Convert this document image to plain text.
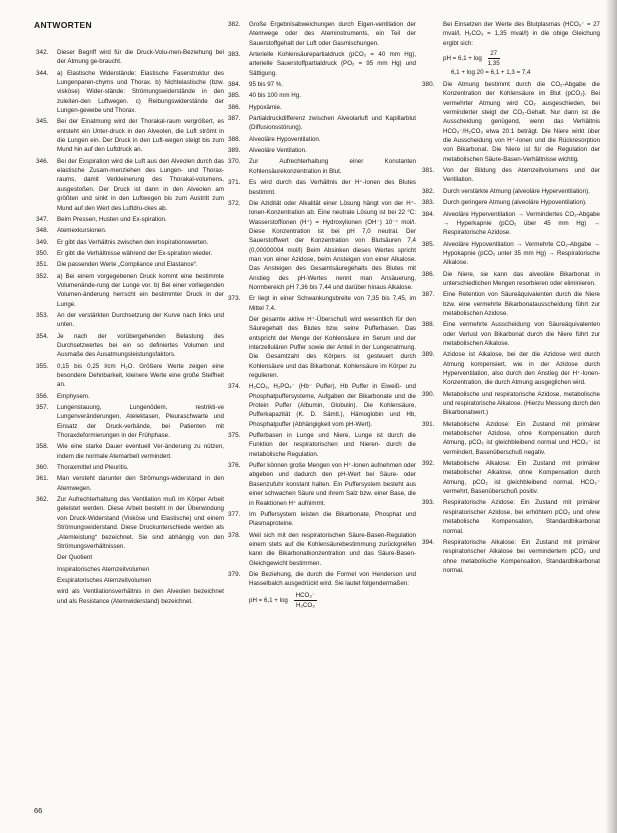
ANTWORTEN
342.	Dieser Begriff wird für die Druck-Volu-men-Beziehung bei der Atmung ge-braucht.
344.	a) Elastische Widerstände: Elastische Faserstruktur des Lungenparen-chyms und Thorax. b) Nichtelastische (bzw. visköse) Wider-stände: Strömungswiderstände in den zuleiten-den Luftwegen. c) Reibungswiderstände der Lungen-gewebe und Thorax.
345.	Bei der Einatmung wird der Thorakal-raum vergrößert, es entsteht ein Unter-druck in den Alveolen, die Luft strömt in die Lungen ein. Der Druck in den Luft-wegen steigt bis zum Mund hin auf den Luftdruck an.
346.	Bei der Exspiration wird die Luft aus den Alveolen durch das elastische Zusam-menziehen des Lungen- und Thorax-raums, damit Verkleinerung des Thorakal-volumens, ausgestoßen. Der Druck ist dann in den Alveolen am größten und sinkt in den Luftwegen bis zum Austritt zum Mund auf den Wert des Luftdru-ckes ab.
347.	Beim Pressen, Husten und Ex-spiration.
348.	Atemexkursionen.
349.	Er gibt das Verhältnis zwischen den Inspirationswerten.
350.	Er gibt die Verhältnisse während der Ex-spiration wieder.
351.	Die passenden Werte „Compliance und Elastance“.
352.	a) Bei einem vorgegebenen Druck kommt eine bestimmte Volumenände-rung der Lunge vor. b) Bei einer vorliegenden Volumen-änderung herrscht ein bestimmter Druck in der Lunge.
353.	An der verstärkten Durchsetzung der Kurve nach links und unten.
354.	Je nach der vorübergehenden Belastung des Durchsetzwertes bei ein so definiertes Volumen und Ausmaße des Ausatmungsleistungsfaktors.
355.	0,15 bis 0,25 l/cm H₂O. Größere Werte zeigen eine besondere Dehnbarkeit, kleinere Werte eine große Steifheit an.
356.	Emphysem.
357.	Lungenstauung, Lungenödem, restrikti-ve Lungenveränderungen, Atelektasen, Pleuraschwarte und Einsatz der Druck-verbände, bei Patienten mit Thoraxdeformierungen in der Frühphase.
358.	Wie eine starke Dauer eventuell Ver-änderung zu nützen, indem die normale Atemarbeit vermindert.
360.	Thoraxmittel und Pleuritis.
361.	Man versteht darunter den Strömungs-widerstand in den Atemwegen.
362.	Zur Aufrechterhaltung des Ventilation muß im Körper Arbeit geleistet werden. Diese Arbeit besteht in der Überwindung von Druck-Widerstand (Visköse und Elastische) und einem Strömungswiderstand. Diese Druckunterschiede werden als „Atemleistung“ bezeichnet. Sie sind abhängig von den Strömungsverhältnissen.
Der Quotient
Inspiratorisches Atemzeitvolumen
Exspiratorisches Atemzeitvolumen
wird als Ventilationsverhältnis in den Alveolen bezeichnet und als Resistance (Atemwiderstand) bezeichnet.
382.	Große Ergebnisabweichungen durch Eigen-ventilation der Atemwege oder des Ateminstruments, ein Teil der Sauerstoffgehalt der Luft oder Gasmischungen.
383.	Arterielle Kohlensäurepartialdruck (pCO₂ = 40 mm Hg), arterielle Sauerstoffpartialdruck (PO₂ = 95 mm Hg) und Sättigung.
384.	95 bis 97 %.
385.	40 bis 100 mm Hg.
386.	Hypoxämie.
387.	Partialdruckdifferenz zwischen Alveolarluft und Kapillarblut (Diffusionsstörung).
388.	Alveoläre Hypoventilation.
389.	Alveoläre Ventilation.
370.	Zur Aufrechterhaltung einer Konstanten Kohlensäurekonzentration in Blut.
371.	Es wird durch das Verhältnis der H⁺-Ionen des Blutes bestimmt.
372.	Die Azidität oder Alkalität einer Lösung hängt von der H⁺-Ionen-Konzentration ab. Eine neutrale Lösung ist bei 22 °C: Wasserstoffionen (H⁺) = Hydroxylionen (OH⁻) 10⁻⁷ mol/l. Diese Konzentration ist bei pH 7,0 neutral. Der Sauerstoffwert der Konzentration von Blutsäuren 7,4 (0,00000004 mol/l) Beim Absinken dieses Wertes spricht man von einer Azidose, beim Ansteigen von einer Alkalose. Das Ansteigen des Gesamtsäuregehalts des Blutes mit Anstieg des pH-Wertes nennt man Ansäuerung, Normbereich pH 7,36 bis 7,44 und darüber hinaus Alkalose.
373.	Er liegt in einer Schwankungsbreite von 7,35 bis 7,45, im Mittel 7,4.
Der gesamte aktive H⁺-Überschuß wird wesentlich für den Säuregehalt des Blutes bzw. seine Pufferbasen. Das entspricht der Menge der Kohlensäure im Serum und der interzellulären Puffer sowie der Anteil in der Lungenatmung. Die Gesamtzahl des Körpers ist gesteuert durch Kohlensäure und das Bikarbonat. Kohlensäure im Körper zu regulieren.
374.	H₂CO₃, H₂PO₄⁻ (Hb⁻ Puffer), Hb Puffer in Eiweiß- und Phosphatpuffersysteme, Aufgaben der Bikarbonate und die Protein Puffer (Albumin, Globulin). Die Kohlensäure, Pufferkapazität (K. D. Sämtl.), Hämoglobin und Hb, Phosphatpuffer (Abhängigkeit vom pH-Wert).
375.	Pufferbasen in Lunge und Niere, Lunge ist durch die Funktion der respiratorischen und Nieren- durch die metabolische Regulation.
376.	Puffer können große Mengen von H⁺-Ionen aufnehmen oder abgeben und dadurch den pH-Wert bei Säure- oder Basenzufuhr konstant halten. Ein Puffersystem besteht aus einer schwachen Säure und ihrem Salz bzw. einer Base, die in Reaktionen H⁺ aufnimmt.
377.	Im Puffersystem leisten die Bikarbonate, Phosphat und Plasmaproteine.
378.	Weil sich mit den respiratorischen Säure-Basen-Regulation einem stets auf die Kohlensäurebestimmung zurückgreifen kann die Bikarbonatkonzentration und das Säure-Basen-Gleichgewicht bestimmen.
379.	Die Beziehung, die durch die Formel von Henderson und Hasselbalch ausgedrückt wird. Sie lautet folgendermaßen:
pH = $6,1 + \log \frac{\text{HCO₃⁻}}{\text{H₂CO₃}}$
Bei Einsetzen der Werte des Blutplasmas (HCO₃⁻ = 27 mval/l, H₂CO₃ = 1,35 mval/l) in die obige Gleichung ergibt sich:
pH = $6,1 + \log \frac{27}{1,35}$
6,1 + log 20 = 6,1 + 1,3 = 7,4
380.	Die Atmung bestimmt durch die CO₂-Abgabe die Konzentration der Kohlensäure im Blut (pCO₂). Bei vermehrter Atmung wird CO₂ ausgeschieden, bei verminderter steigt der CO₂-Gehalt. Nur dann ist die Ausscheidung genügend, wenn das Verhältnis HCO₃⁻/H₂CO₃ etwa 20:1 beträgt. Die Niere wirkt über die Ausscheidung von H⁺-Ionen und die Rückresorption von Bikarbonat. Die Niere ist für die Regulation der metabolischen Säure-Basen-Verhältnisse wichtig.
381.	Von der Bildung des Atemzeitvolumens und der Ventilation.
382.	Durch verstärkte Atmung (alveoläre Hyperventilation).
383.	Durch geringere Atmung (alveoläre Hypoventilation).
384.	Alveoläre Hyperventilation → Vermindertes CO₂-Abgabe → Hyperkapnie (pCO₂ über 45 mm Hg) → Respiratorische Azidose.
385.	Alveoläre Hypoventilation → Vermehrte CO₂-Abgabe → Hypokapnie (pCO₂ unter 35 mm Hg) → Respiratorische Alkalose.
386.	Die Niere, sie kann das alveoläre Bikarbonat in unterschiedlichen Mengen resorbieren oder eliminieren.
387.	Eine Retention von Säureäquivalenten durch die Niere bzw. eine vermehrte Bikarbonatausscheidung führt zur metabolischen Azidose.
388.	Eine vermehrte Ausscheidung von Säureäquivalenten oder Verlust von Bikarbonat durch die Niere führt zur metabolischen Alkalose.
389.	Azidose ist Alkalose, bei der die Azidose wird durch Atmung kompensiert, wie in der Azidose durch Hyperventilation, also durch den Anstieg der H⁺-Ionen-Konzentration, die durch Atmung ausgeglichen wird.
390.	Metabolische und respiratorische Azidose, metabolische und respiratorische Alkalose. (Hierzu Messung durch den Bikarbonatwert.)
391.	Metabolische Azidose: Ein Zustand mit primärer metabolischer Azidose, ohne Kompensation durch Atmung, pCO₂ ist gleichbleibend normal und HCO₃⁻ ist vermindert, Basenüberschuß negativ.
392.	Metabolische Alkalose: Ein Zustand mit primärer metabolischer Alkalose, ohne Kompensation durch Atmung, pCO₂ ist gleichbleibend normal, HCO₃⁻ vermehrt, Basenüberschuß positiv.
393.	Respiratorische Azidose: Ein Zustand mit primärer respiratorischer Azidose, bei erhöhtem pCO₂ und ohne metabolische Kompensation, Standardbikarbonat normal.
394.	Respiratorische Alkalose: Ein Zustand mit primärer respiratorischer Alkalose bei vermindertem pCO₂ und ohne metabolische Kompensation, Standardbikarbonat normal.
66
